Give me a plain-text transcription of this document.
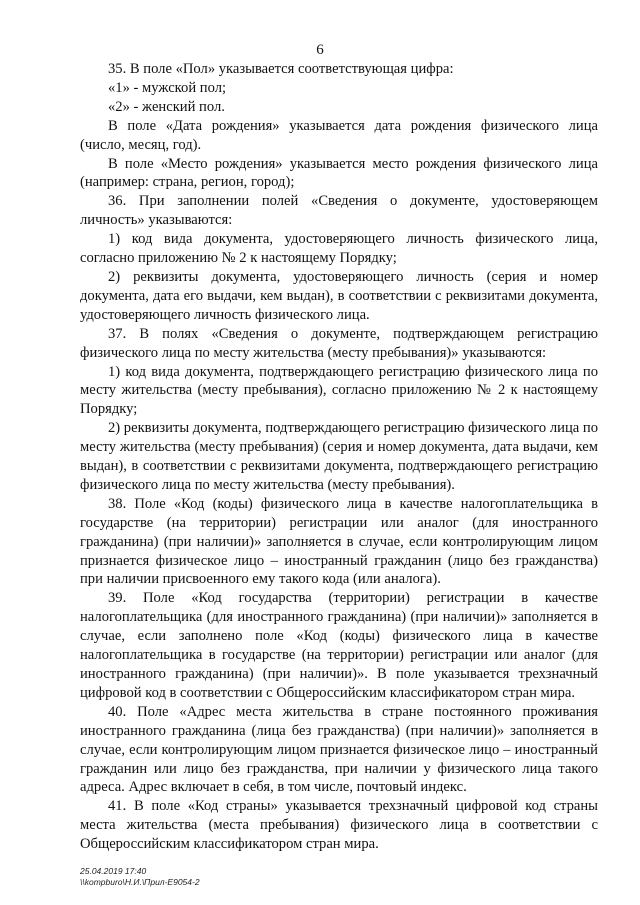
6

35. В поле «Пол» указывается соответствующая цифра:

«1» - мужской пол;

«2» - женский пол.

В поле «Дата рождения» указывается дата рождения физического лица (число, месяц, год).

В поле «Место рождения» указывается место рождения физического лица (например: страна, регион, город);

36. При заполнении полей «Сведения о документе, удостоверяющем личность» указываются:

1) код вида документа, удостоверяющего личность физического лица, согласно приложению № 2 к настоящему Порядку;

2) реквизиты документа, удостоверяющего личность (серия и номер документа, дата его выдачи, кем выдан), в соответствии с реквизитами документа, удостоверяющего личность физического лица.

37. В полях «Сведения о документе, подтверждающем регистрацию физического лица по месту жительства (месту пребывания)» указываются:

1) код вида документа, подтверждающего регистрацию физического лица по месту жительства (месту пребывания), согласно приложению № 2 к настоящему Порядку;

2) реквизиты документа, подтверждающего регистрацию физического лица по месту жительства (месту пребывания) (серия и номер документа, дата выдачи, кем выдан), в соответствии с реквизитами документа, подтверждающего регистрацию физического лица по месту жительства (месту пребывания).

38. Поле «Код (коды) физического лица в качестве налогоплательщика в государстве (на территории) регистрации или аналог (для иностранного гражданина) (при наличии)» заполняется в случае, если контролирующим лицом признается физическое лицо – иностранный гражданин (лицо без гражданства) при наличии присвоенного ему такого кода (или аналога).

39. Поле «Код государства (территории) регистрации в качестве налогоплательщика (для иностранного гражданина) (при наличии)» заполняется в случае, если заполнено поле «Код (коды) физического лица в качестве налогоплательщика в государстве (на территории) регистрации или аналог (для иностранного гражданина) (при наличии)». В поле указывается трехзначный цифровой код в соответствии с Общероссийским классификатором стран мира.

40. Поле «Адрес места жительства в стране постоянного проживания иностранного гражданина (лица без гражданства) (при наличии)» заполняется в случае, если контролирующим лицом признается физическое лицо – иностранный гражданин или лицо без гражданства, при наличии у физического лица такого адреса. Адрес включает в себя, в том числе, почтовый индекс.

41. В поле «Код страны» указывается трехзначный цифровой код страны места жительства (места пребывания) физического лица в соответствии с Общероссийским классификатором стран мира.

25.04.2019 17:40
\\kompburo\Н.И.\Прил-Е9054-2
